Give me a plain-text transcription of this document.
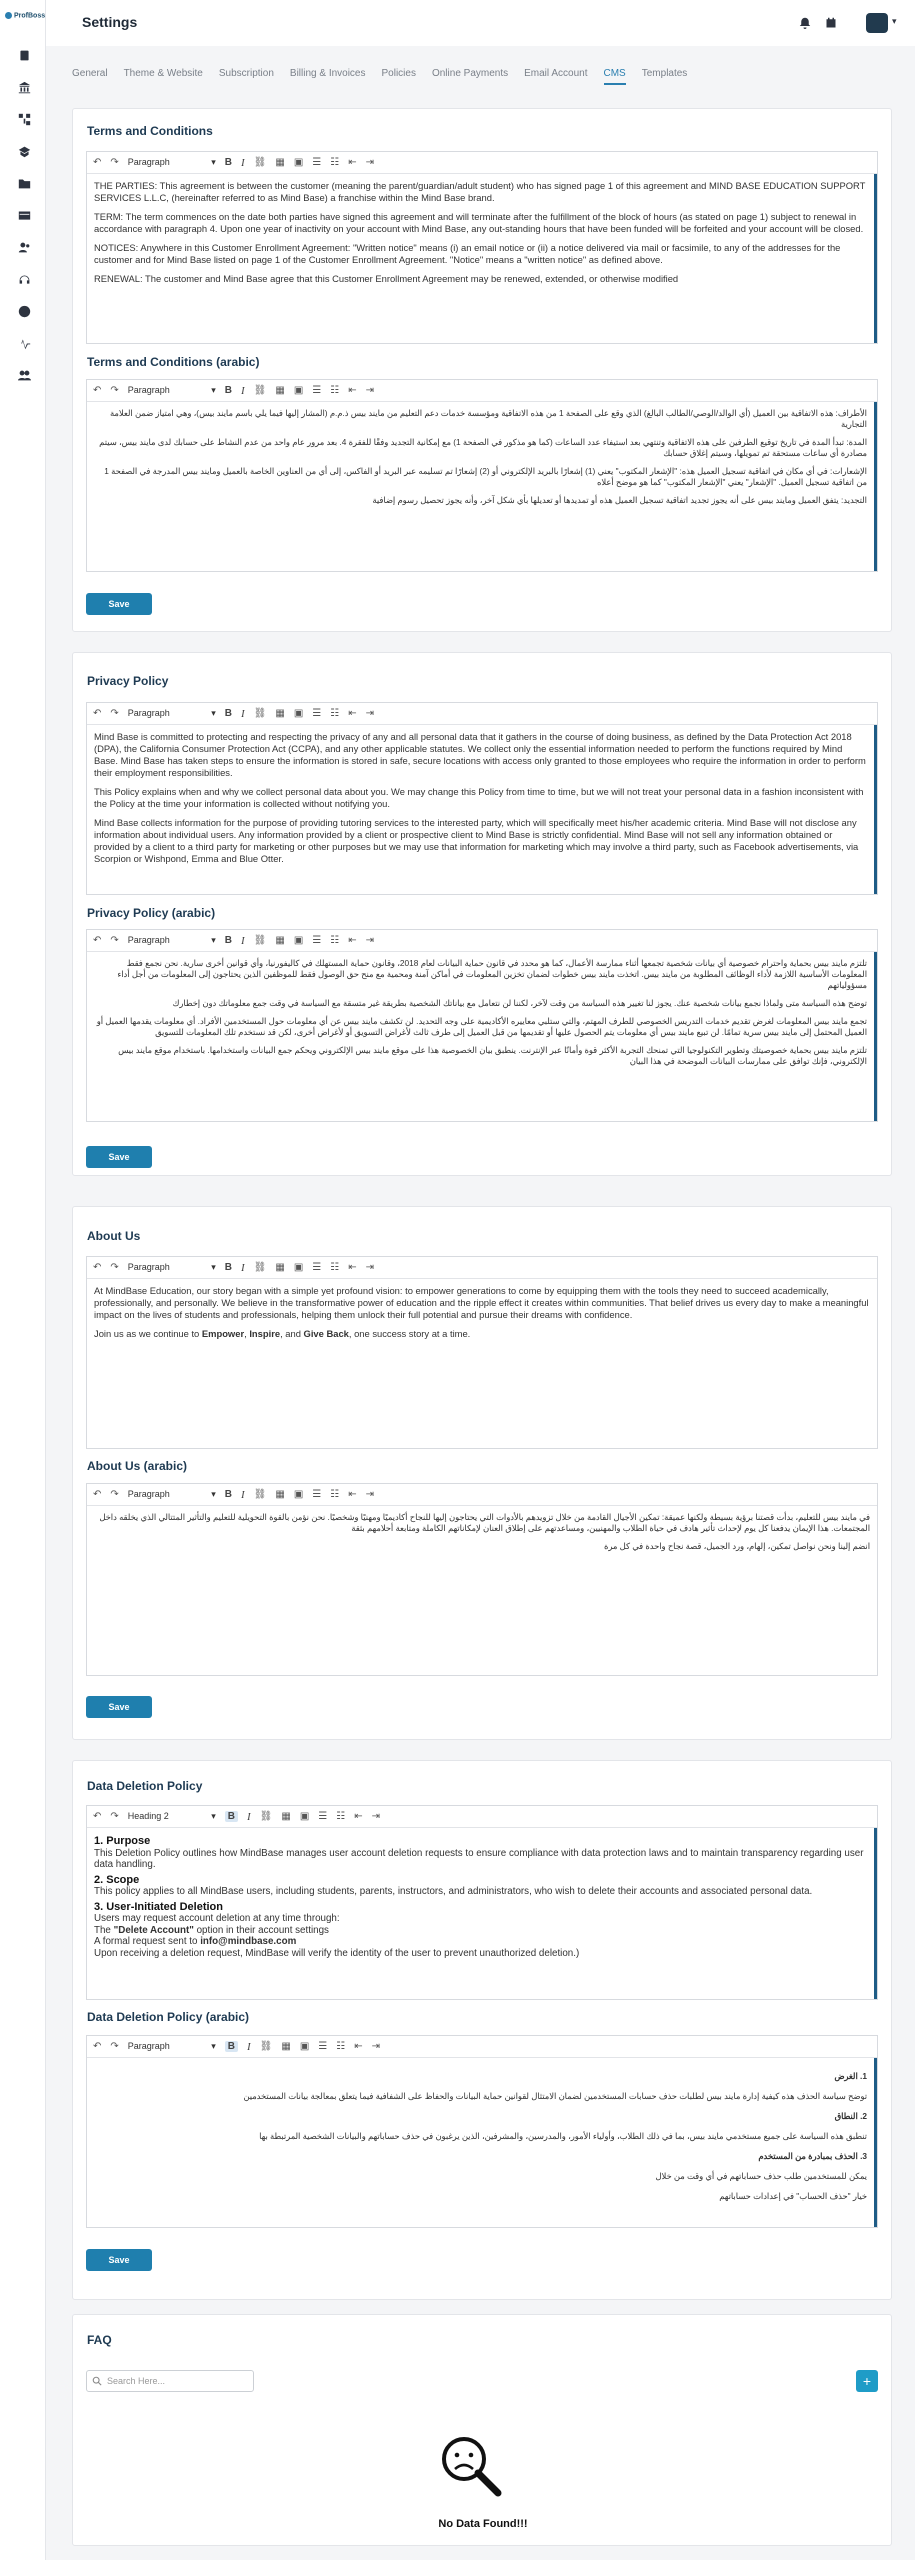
ProfBoss	Settings	▾
General Theme & Website Subscription Billing & Invoices Policies Online Payments Email Account CMS Templates
Terms and Conditions
↶ ↷ Paragraph	▾ B I ⛓ ▦ ▣ ☰ ☷ ⇤ ⇥

THE PARTIES: This agreement is between the customer (meaning the parent/guardian/adult student) who has signed page 1 of this agreement and MIND BASE EDUCATION SUPPORT SERVICES L.L.C, (hereinafter referred to as Mind Base) a franchise within the Mind Base brand.

TERM: The term commences on the date both parties have signed this agreement and will terminate after the fulfillment of the block of hours (as stated on page 1) subject to renewal in accordance with paragraph 4. Upon one year of inactivity on your account with Mind Base, any out-standing hours that have been funded will be forfeited and your account will be closed.

NOTICES: Anywhere in this Customer Enrollment Agreement: "Written notice" means (i) an email notice or (ii) a notice delivered via mail or facsimile, to any of the addresses for the customer and for Mind Base listed on page 1 of the Customer Enrollment Agreement. "Notice" means a "written notice" as defined above.

RENEWAL: The customer and Mind Base agree that this Customer Enrollment Agreement may be renewed, extended, or otherwise modified

Terms and Conditions (arabic)
↶ ↷ Paragraph	▾ B I ⛓ ▦ ▣ ☰ ☷ ⇤ ⇥

الأطراف: هذه الاتفاقية بين العميل (أي الوالد/الوصي/الطالب البالغ) الذي وقع على الصفحة 1 من هذه الاتفاقية ومؤسسة خدمات دعم التعليم من مايند بيس ذ.م.م (المشار إليها فيما يلي باسم مايند بيس)، وهي امتياز ضمن العلامة التجارية

المدة: تبدأ المدة في تاريخ توقيع الطرفين على هذه الاتفاقية وتنتهي بعد استيفاء عدد الساعات (كما هو مذكور في الصفحة 1) مع إمكانية التجديد وفقًا للفقرة 4. بعد مرور عام واحد من عدم النشاط على حسابك لدى مايند بيس، سيتم مصادرة أي ساعات مستحقة تم تمويلها، وسيتم إغلاق حسابك

الإشعارات: في أي مكان في اتفاقية تسجيل العميل هذه: "الإشعار المكتوب" يعني (1) إشعارًا بالبريد الإلكتروني أو (2) إشعارًا تم تسليمه عبر البريد أو الفاكس، إلى أي من العناوين الخاصة بالعميل ومايند بيس المدرجة في الصفحة 1 من اتفاقية تسجيل العميل. "الإشعار" يعني "الإشعار المكتوب" كما هو موضح أعلاه

التجديد: يتفق العميل ومايند بيس على أنه يجوز تجديد اتفاقية تسجيل العميل هذه أو تمديدها أو تعديلها بأي شكل آخر، وأنه يجوز تحصيل رسوم إضافية

Save
Privacy Policy
↶ ↷ Paragraph	▾ B I ⛓ ▦ ▣ ☰ ☷ ⇤ ⇥

Mind Base is committed to protecting and respecting the privacy of any and all personal data that it gathers in the course of doing business, as defined by the Data Protection Act 2018 (DPA), the California Consumer Protection Act (CCPA), and any other applicable statutes. We collect only the essential information needed to perform the functions required by Mind Base. Mind Base has taken steps to ensure the information is stored in safe, secure locations with access only granted to those employees who require the information in order to perform their employment responsibilities.

This Policy explains when and why we collect personal data about you. We may change this Policy from time to time, but we will not treat your personal data in a fashion inconsistent with the Policy at the time your information is collected without notifying you.

Mind Base collects information for the purpose of providing tutoring services to the interested party, which will specifically meet his/her academic criteria. Mind Base will not disclose any information about individual users. Any information provided by a client or prospective client to Mind Base is strictly confidential. Mind Base will not sell any information obtained or provided by a client to a third party for marketing or other purposes but we may use that information for marketing which may involve a third party, such as Facebook advertisements, via Scorpion or Wishpond, Emma and Blue Otter.

Privacy Policy (arabic)
↶ ↷ Paragraph	▾ B I ⛓ ▦ ▣ ☰ ☷ ⇤ ⇥

تلتزم مايند بيس بحماية واحترام خصوصية أي بيانات شخصية تجمعها أثناء ممارسة الأعمال، كما هو محدد في قانون حماية البيانات لعام 2018، وقانون حماية المستهلك في كاليفورنيا، وأي قوانين أخرى سارية. نحن نجمع فقط المعلومات الأساسية اللازمة لأداء الوظائف المطلوبة من مايند بيس. اتخذت مايند بيس خطوات لضمان تخزين المعلومات في أماكن آمنة ومحمية مع منح حق الوصول فقط للموظفين الذين يحتاجون إلى المعلومات من أجل أداء مسؤولياتهم

توضح هذه السياسة متى ولماذا نجمع بيانات شخصية عنك. يجوز لنا تغيير هذه السياسة من وقت لآخر، لكننا لن نتعامل مع بياناتك الشخصية بطريقة غير متسقة مع السياسة في وقت جمع معلوماتك دون إخطارك

تجمع مايند بيس المعلومات لغرض تقديم خدمات التدريس الخصوصي للطرف المهتم، والتي ستلبي معاييره الأكاديمية على وجه التحديد. لن تكشف مايند بيس عن أي معلومات حول المستخدمين الأفراد. أي معلومات يقدمها العميل أو العميل المحتمل إلى مايند بيس سرية تمامًا. لن تبيع مايند بيس أي معلومات يتم الحصول عليها أو تقديمها من قبل العميل إلى طرف ثالث لأغراض التسويق أو لأغراض أخرى، لكن قد نستخدم تلك المعلومات للتسويق

تلتزم مايند بيس بحماية خصوصيتك وتطوير التكنولوجيا التي تمنحك التجربة الأكثر قوة وأمانًا عبر الإنترنت. ينطبق بيان الخصوصية هذا على موقع مايند بيس الإلكتروني ويحكم جمع البيانات واستخدامها. باستخدام موقع مايند بيس الإلكتروني، فإنك توافق على ممارسات البيانات الموضحة في هذا البيان

Save
About Us
↶ ↷ Paragraph	▾ B I ⛓ ▦ ▣ ☰ ☷ ⇤ ⇥

At MindBase Education, our story began with a simple yet profound vision: to empower generations to come by equipping them with the tools they need to succeed academically, professionally, and personally. We believe in the transformative power of education and the ripple effect it creates within communities. That belief drives us every day to make a meaningful impact on the lives of students and professionals, helping them unlock their full potential and pursue their dreams with confidence.

Join us as we continue to Empower, Inspire, and Give Back, one success story at a time.

About Us (arabic)
↶ ↷ Paragraph	▾ B I ⛓ ▦ ▣ ☰ ☷ ⇤ ⇥

في مايند بيس للتعليم، بدأت قصتنا برؤية بسيطة ولكنها عميقة: تمكين الأجيال القادمة من خلال تزويدهم بالأدوات التي يحتاجون إليها للنجاح أكاديميًا ومهنيًا وشخصيًا. نحن نؤمن بالقوة التحويلية للتعليم والتأثير المتتالي الذي يخلقه داخل المجتمعات. هذا الإيمان يدفعنا كل يوم لإحداث تأثير هادف في حياة الطلاب والمهنيين، ومساعدتهم على إطلاق العنان لإمكاناتهم الكاملة ومتابعة أحلامهم بثقة

انضم إلينا ونحن نواصل تمكين، إلهام، ورد الجميل، قصة نجاح واحدة في كل مرة

Save
Data Deletion Policy
↶ ↷ Heading 2	▾	B I ⛓ ▦ ▣ ☰ ☷ ⇤ ⇥
1. Purpose
This Deletion Policy outlines how MindBase manages user account deletion requests to ensure compliance with data protection laws and to maintain transparency regarding user data handling.
2. Scope
This policy applies to all MindBase users, including students, parents, instructors, and administrators, who wish to delete their accounts and associated personal data.
3. User-Initiated Deletion
Users may request account deletion at any time through:
The "Delete Account" option in their account settings
A formal request sent to info@mindbase.com
Upon receiving a deletion request, MindBase will verify the identity of the user to prevent unauthorized deletion.)
Data Deletion Policy (arabic)
↶ ↷ Paragraph	▾	B I ⛓ ▦ ▣ ☰ ☷ ⇤ ⇥

1. الغرض

توضح سياسة الحذف هذه كيفية إدارة مايند بيس لطلبات حذف حسابات المستخدمين لضمان الامتثال لقوانين حماية البيانات والحفاظ على الشفافية فيما يتعلق بمعالجة بيانات المستخدمين

2. النطاق

تنطبق هذه السياسة على جميع مستخدمي مايند بيس، بما في ذلك الطلاب، وأولياء الأمور، والمدرسين، والمشرفين، الذين يرغبون في حذف حساباتهم والبيانات الشخصية المرتبطة بها

3. الحذف بمبادرة من المستخدم

يمكن للمستخدمين طلب حذف حساباتهم في أي وقت من خلال

خيار "حذف الحساب" في إعدادات حساباتهم

Save
FAQ
Search Here...	+
No Data Found!!!
